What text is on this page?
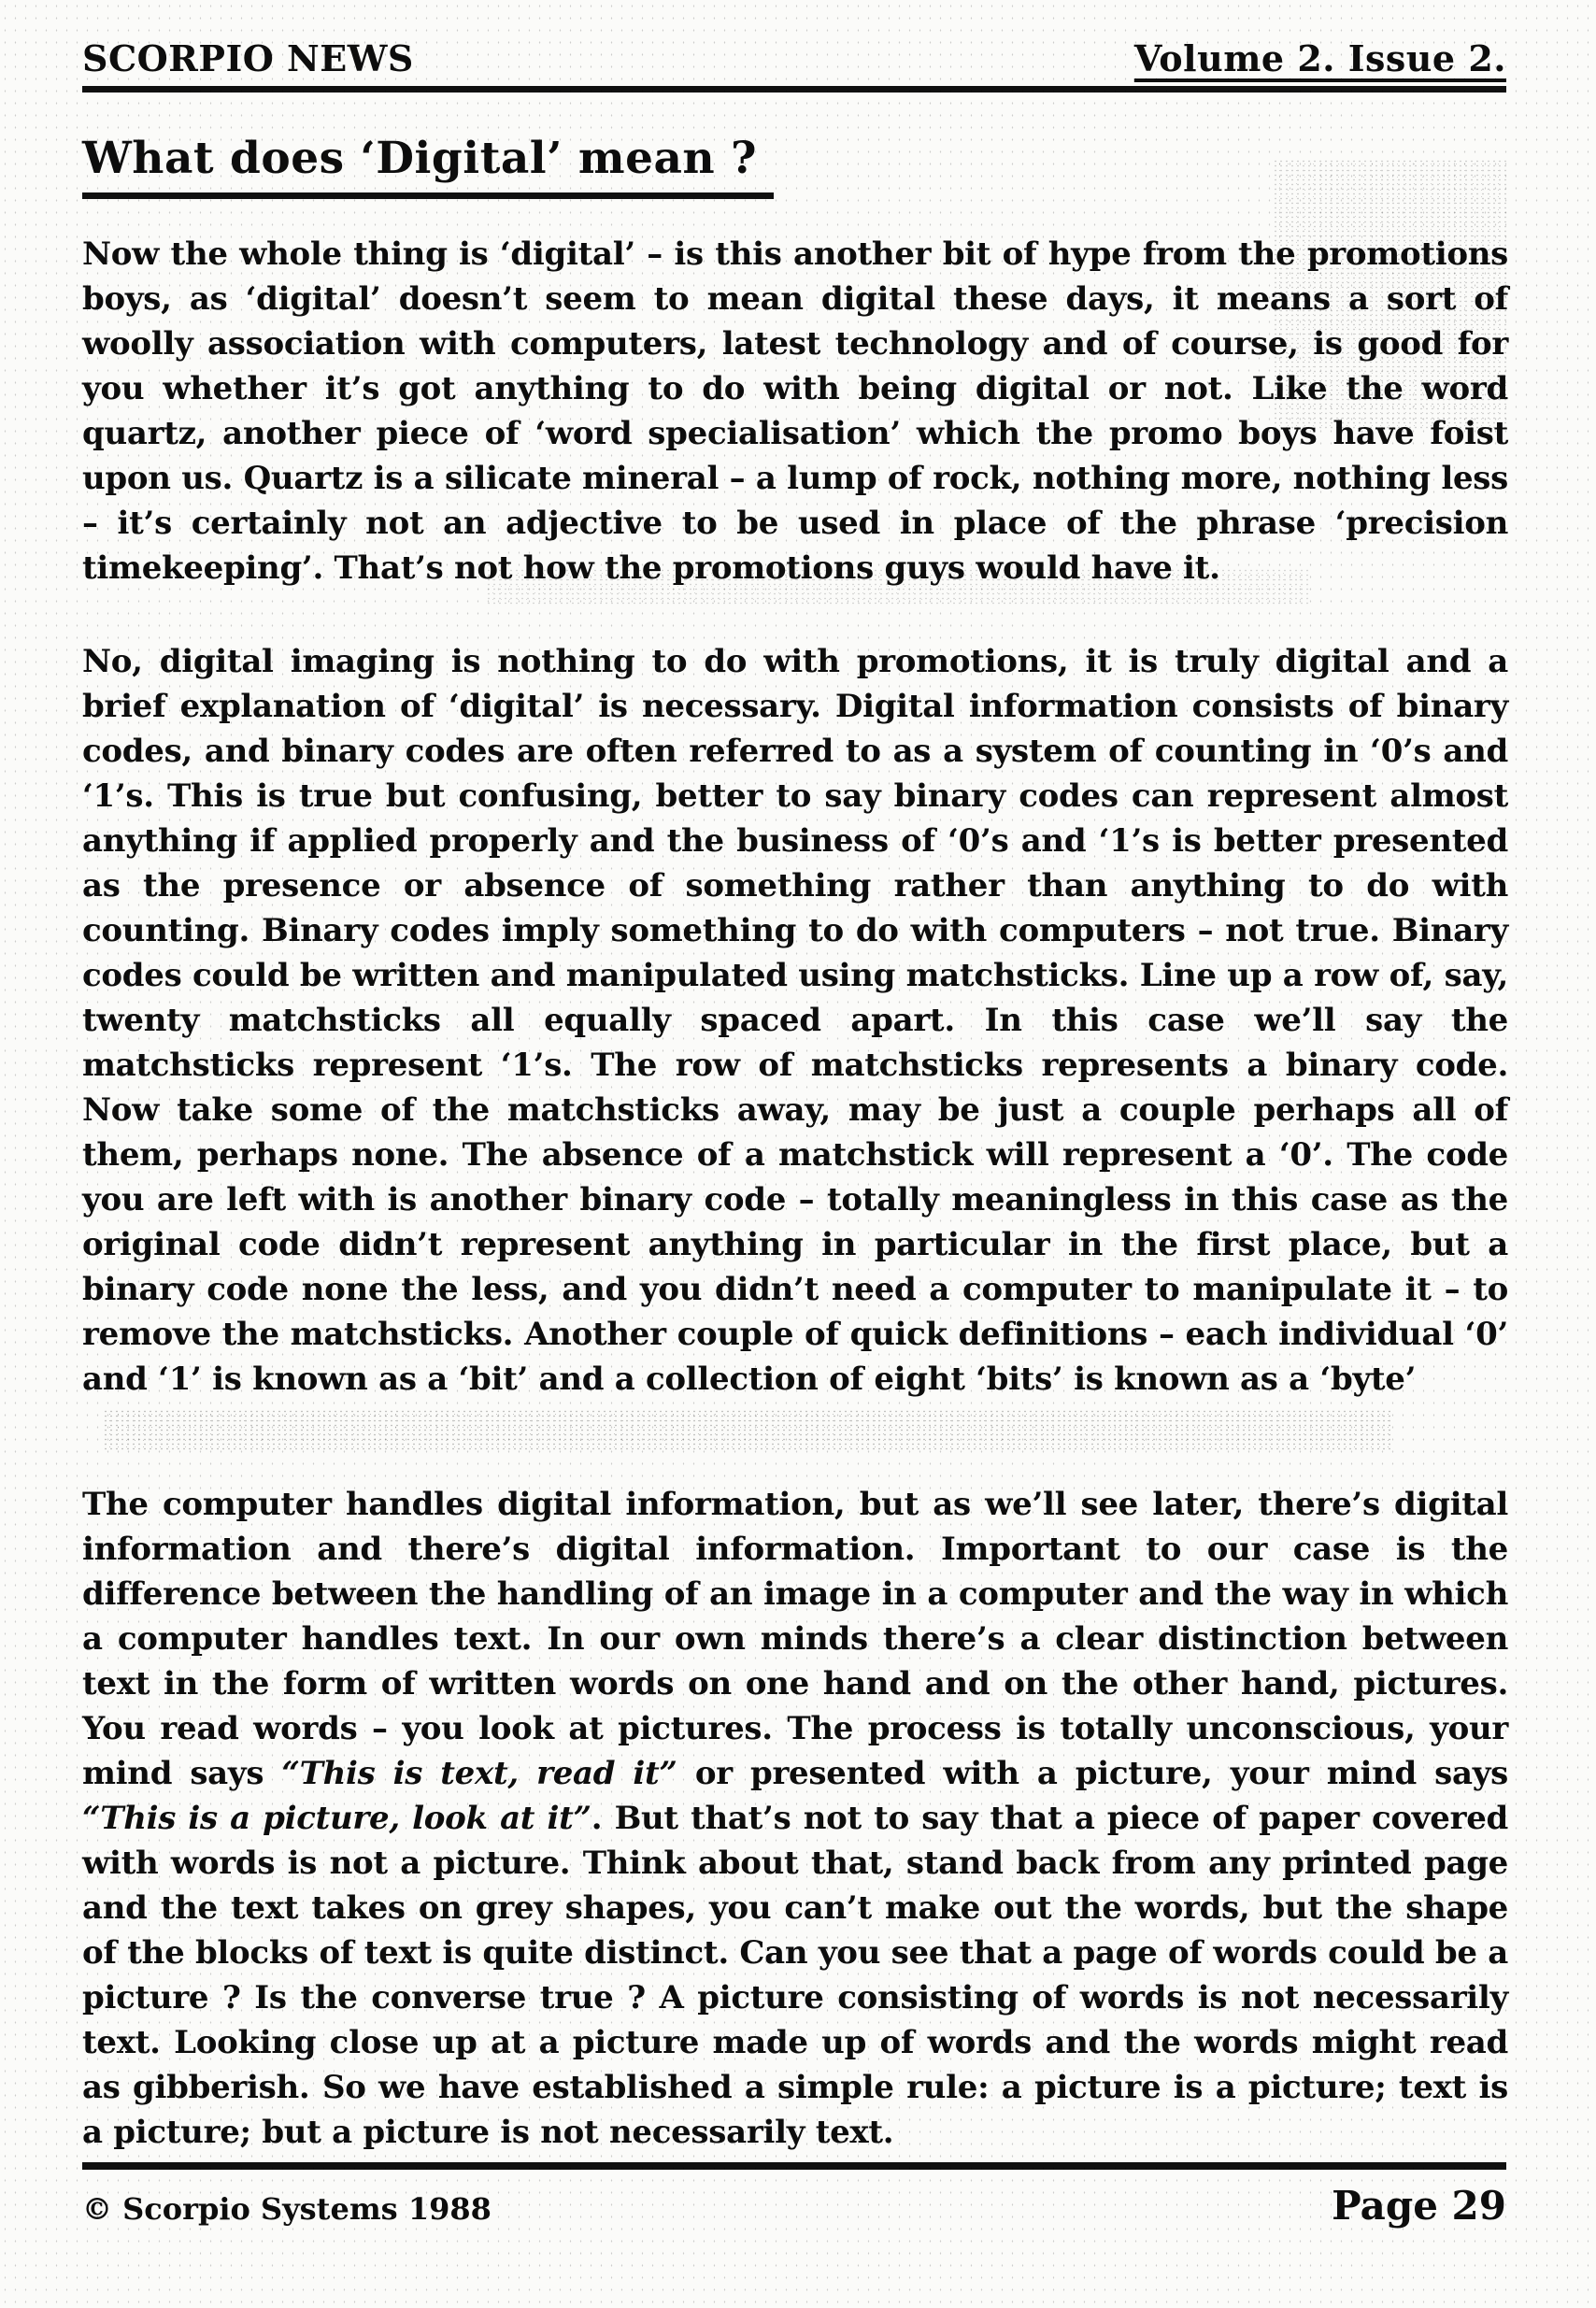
SCORPIO NEWS	Volume 2. Issue 2.
What does ‘Digital’ mean ?
Now the whole thing is ‘digital’ – is this another bit of hype from the promotions boys, as ‘digital’ doesn’t seem to mean digital these days, it means a sort of woolly association with computers, latest technology and of course, is good for you whether it’s got anything to do with being digital or not. Like the word quartz, another piece of ‘word specialisation’ which the promo boys have foist upon us. Quartz is a silicate mineral – a lump of rock, nothing more, nothing less – it’s certainly not an adjective to be used in place of the phrase ‘precision timekeeping’. That’s not how the promotions guys would have it.
No, digital imaging is nothing to do with promotions, it is truly digital and a brief explanation of ‘digital’ is necessary. Digital information consists of binary codes, and binary codes are often referred to as a system of counting in ‘0’s and ‘1’s. This is true but confusing, better to say binary codes can represent almost anything if applied properly and the business of ‘0’s and ‘1’s is better presented as the presence or absence of something rather than anything to do with counting. Binary codes imply something to do with computers – not true. Binary codes could be written and manipulated using matchsticks. Line up a row of, say, twenty matchsticks all equally spaced apart. In this case we’ll say the matchsticks represent ‘1’s. The row of matchsticks represents a binary code. Now take some of the matchsticks away, may be just a couple perhaps all of them, perhaps none. The absence of a matchstick will represent a ‘0’. The code you are left with is another binary code – totally meaningless in this case as the original code didn’t represent anything in particular in the first place, but a binary code none the less, and you didn’t need a computer to manipulate it – to remove the matchsticks. Another couple of quick definitions – each individual ‘0’ and ‘1’ is known as a ‘bit’ and a collection of eight ‘bits’ is known as a ‘byte’
The computer handles digital information, but as we’ll see later, there’s digital information and there’s digital information. Important to our case is the difference between the handling of an image in a computer and the way in which a computer handles text. In our own minds there’s a clear distinction between text in the form of written words on one hand and on the other hand, pictures. You read words – you look at pictures. The process is totally unconscious, your mind says “This is text, read it” or presented with a picture, your mind says “This is a picture, look at it”. But that’s not to say that a piece of paper covered with words is not a picture. Think about that, stand back from any printed page and the text takes on grey shapes, you can’t make out the words, but the shape of the blocks of text is quite distinct. Can you see that a page of words could be a picture ? Is the converse true ? A picture consisting of words is not necessarily text. Looking close up at a picture made up of words and the words might read as gibberish. So we have established a simple rule: a picture is a picture; text is a picture; but a picture is not necessarily text.
© Scorpio Systems 1988	Page 29
